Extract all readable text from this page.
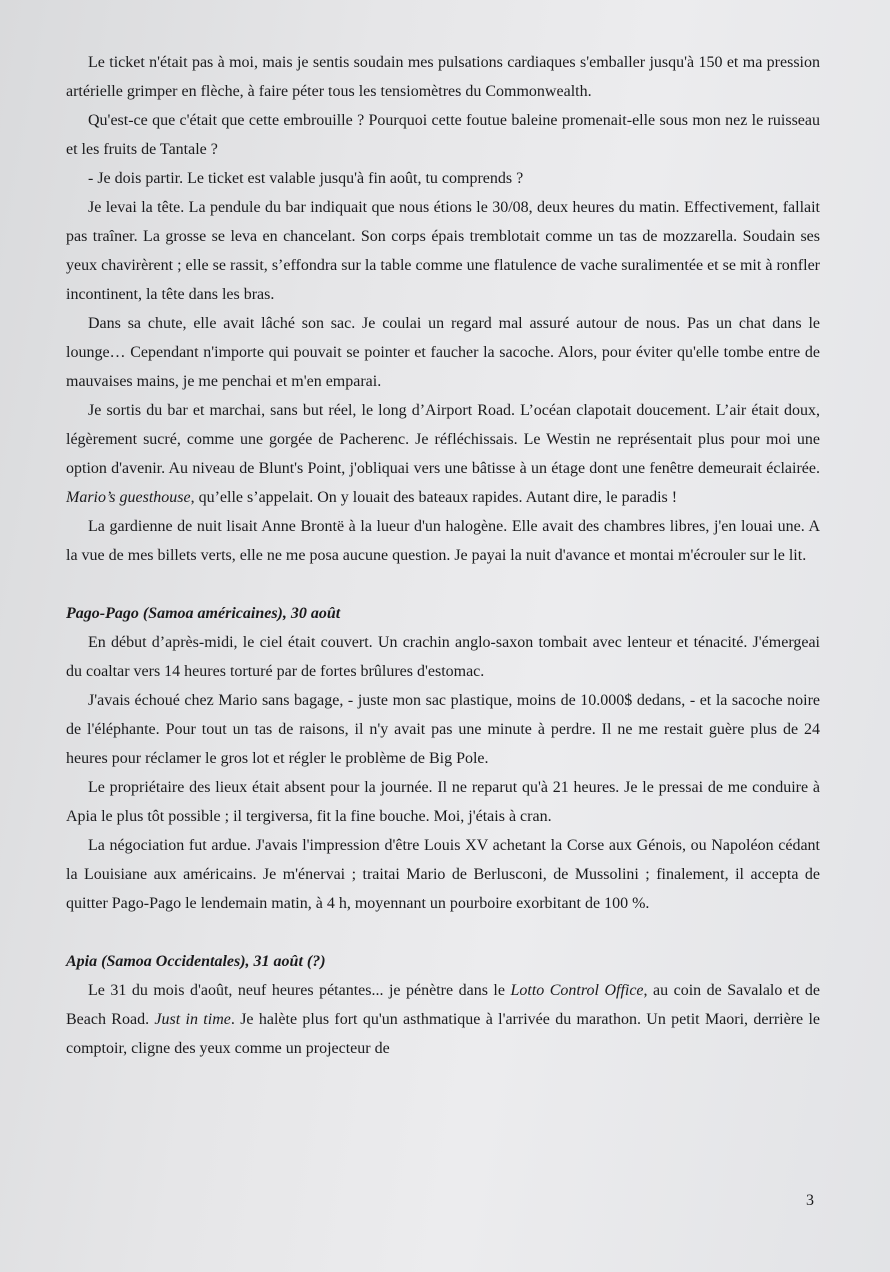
Le ticket n'était pas à moi, mais je sentis soudain mes pulsations cardiaques s'emballer jusqu'à 150 et ma pression artérielle grimper en flèche, à faire péter tous les tensiomètres du Commonwealth.

Qu'est-ce que c'était que cette embrouille ? Pourquoi cette foutue baleine promenait-elle sous mon nez le ruisseau et les fruits de Tantale ?

- Je dois partir. Le ticket est valable jusqu'à fin août, tu comprends ?

Je levai la tête. La pendule du bar indiquait que nous étions le 30/08, deux heures du matin. Effectivement, fallait pas traîner. La grosse se leva en chancelant. Son corps épais tremblotait comme un tas de mozzarella. Soudain ses yeux chavirèrent ; elle se rassit, s’effondra sur la table comme une flatulence de vache suralimentée et se mit à ronfler incontinent, la tête dans les bras.

Dans sa chute, elle avait lâché son sac. Je coulai un regard mal assuré autour de nous. Pas un chat dans le lounge… Cependant n'importe qui pouvait se pointer et faucher la sacoche. Alors, pour éviter qu'elle tombe entre de mauvaises mains, je me penchai et m'en emparai.

Je sortis du bar et marchai, sans but réel, le long d’Airport Road. L’océan clapotait doucement. L’air était doux, légèrement sucré, comme une gorgée de Pacherenc. Je réfléchissais. Le Westin ne représentait plus pour moi une option d'avenir. Au niveau de Blunt's Point, j'obliquai vers une bâtisse à un étage dont une fenêtre demeurait éclairée. Mario’s guesthouse, qu’elle s’appelait. On y louait des bateaux rapides. Autant dire, le paradis !

La gardienne de nuit lisait Anne Brontë à la lueur d'un halogène. Elle avait des chambres libres, j'en louai une. A la vue de mes billets verts, elle ne me posa aucune question. Je payai la nuit d'avance et montai m'écrouler sur le lit.

Pago-Pago (Samoa américaines), 30 août

En début d’après-midi, le ciel était couvert. Un crachin anglo-saxon tombait avec lenteur et ténacité. J'émergeai du coaltar vers 14 heures torturé par de fortes brûlures d'estomac.

J'avais échoué chez Mario sans bagage, - juste mon sac plastique, moins de 10.000$ dedans, - et la sacoche noire de l'éléphante. Pour tout un tas de raisons, il n'y avait pas une minute à perdre. Il ne me restait guère plus de 24 heures pour réclamer le gros lot et régler le problème de Big Pole.

Le propriétaire des lieux était absent pour la journée. Il ne reparut qu'à 21 heures. Je le pressai de me conduire à Apia le plus tôt possible ; il tergiversa, fit la fine bouche. Moi, j'étais à cran.

La négociation fut ardue. J'avais l'impression d'être Louis XV achetant la Corse aux Génois, ou Napoléon cédant la Louisiane aux américains. Je m'énervai ; traitai Mario de Berlusconi, de Mussolini ; finalement, il accepta de quitter Pago-Pago le lendemain matin, à 4 h, moyennant un pourboire exorbitant de 100 %.

Apia (Samoa Occidentales), 31 août (?)

Le 31 du mois d'août, neuf heures pétantes... je pénètre dans le Lotto Control Office, au coin de Savalalo et de Beach Road. Just in time. Je halète plus fort qu'un asthmatique à l'arrivée du marathon. Un petit Maori, derrière le comptoir, cligne des yeux comme un projecteur de

3
